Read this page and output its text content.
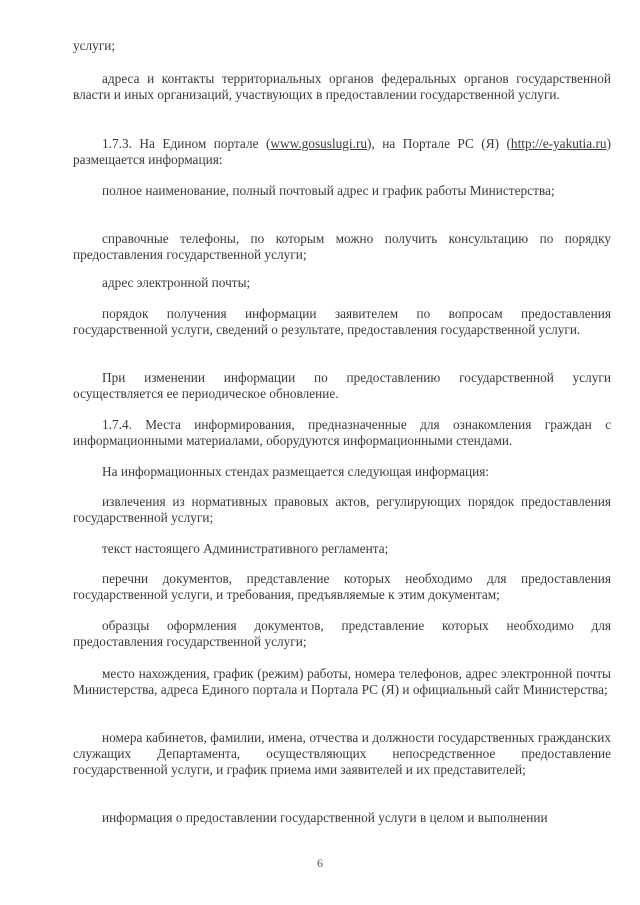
услуги;

адреса и контакты территориальных органов федеральных органов государственной власти и иных организаций, участвующих в предоставлении государственной услуги.

1.7.3. На Едином портале (www.gosuslugi.ru), на Портале РС (Я) (http://e-yakutia.ru) размещается информация:

полное наименование, полный почтовый адрес и график работы Министерства;

справочные телефоны, по которым можно получить консультацию по порядку предоставления государственной услуги;

адрес электронной почты;

порядок получения информации заявителем по вопросам предоставления государственной услуги, сведений о результате, предоставления государственной услуги.

При изменении информации по предоставлению государственной услуги осуществляется ее периодическое обновление.

1.7.4. Места информирования, предназначенные для ознакомления граждан с информационными материалами, оборудуются информационными стендами.

На информационных стендах размещается следующая информация:

извлечения из нормативных правовых актов, регулирующих порядок предоставления государственной услуги;

текст настоящего Административного регламента;

перечни документов, представление которых необходимо для предоставления государственной услуги, и требования, предъявляемые к этим документам;

образцы оформления документов, представление которых необходимо для предоставления государственной услуги;

место нахождения, график (режим) работы, номера телефонов, адрес электронной почты Министерства, адреса Единого портала и Портала РС (Я) и официальный сайт Министерства;

номера кабинетов, фамилии, имена, отчества и должности государственных гражданских служащих Департамента, осуществляющих непосредственное предоставление государственной услуги, и график приема ими заявителей и их представителей;

информация о предоставлении государственной услуги в целом и выполнении

6
